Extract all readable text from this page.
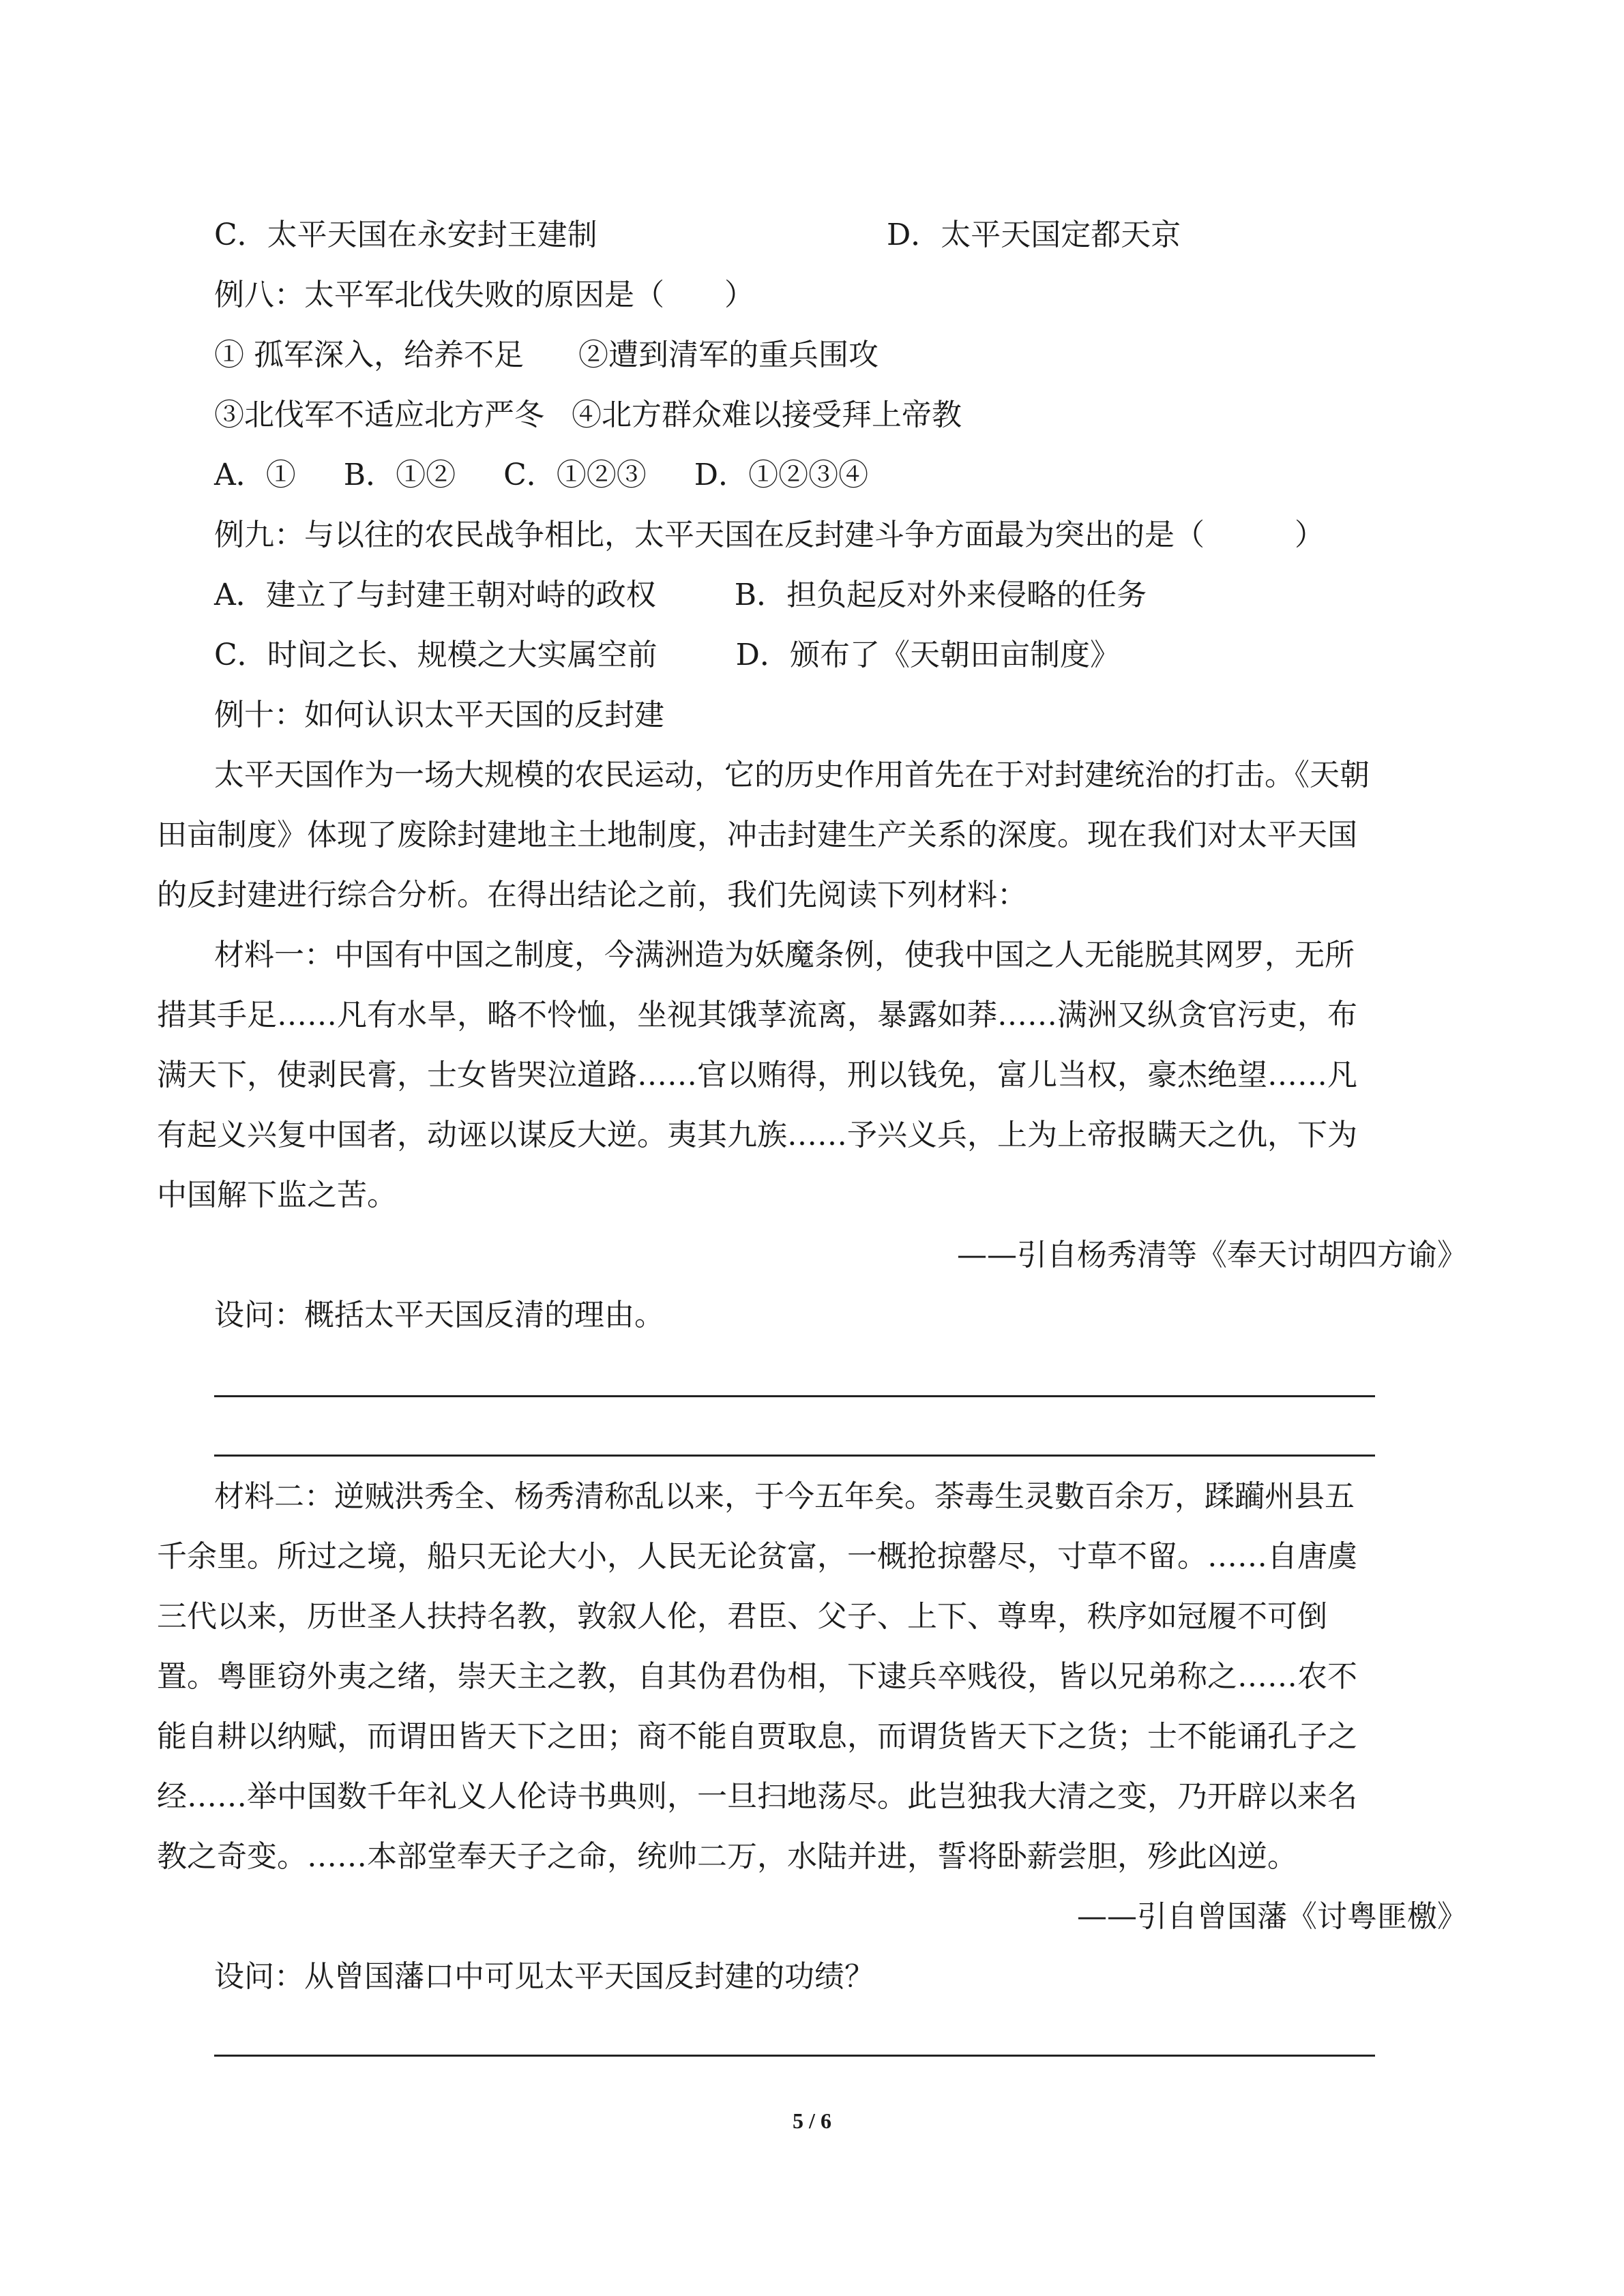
C．太平天国在永安封王建制	D．太平天国定都天京
例八：太平军北伐失败的原因是（　　）
① 孤军深入，给养不足 ②遭到清军的重兵围攻
③北伐军不适应北方严冬 ④北方群众难以接受拜上帝教
A．① B．①② C．①②③ D．①②③④
例九：与以往的农民战争相比，太平天国在反封建斗争方面最为突出的是（　　　）
A．建立了与封建王朝对峙的政权	B．担负起反对外来侵略的任务
C．时间之长、规模之大实属空前	D．颁布了《天朝田亩制度》
例十：如何认识太平天国的反封建
太平天国作为一场大规模的农民运动，它的历史作用首先在于对封建统治的打击。《天朝
田亩制度》体现了废除封建地主土地制度，冲击封建生产关系的深度。现在我们对太平天国
的反封建进行综合分析。在得出结论之前，我们先阅读下列材料：
材料一：中国有中国之制度，今满洲造为妖魔条例，使我中国之人无能脱其网罗，无所
措其手足……凡有水旱，略不怜恤，坐视其饿莩流离，暴露如莽……满洲又纵贪官污吏，布
满天下，使剥民膏，士女皆哭泣道路……官以贿得，刑以钱免，富儿当权，豪杰绝望……凡
有起义兴复中国者，动诬以谋反大逆。夷其九族……予兴义兵，上为上帝报瞒天之仇，下为
中国解下监之苦。
——引自杨秀清等《奉天讨胡四方谕》
设问：概括太平天国反清的理由。
材料二：逆贼洪秀全、杨秀清称乱以来，于今五年矣。荼毒生灵數百余万，蹂躏州县五
千余里。所过之境，船只无论大小，人民无论贫富，一概抢掠罄尽，寸草不留。……自唐虞
三代以来，历世圣人扶持名教，敦叙人伦，君臣、父子、上下、尊卑，秩序如冠履不可倒
置。粤匪窃外夷之绪，崇天主之教，自其伪君伪相，下逮兵卒贱役，皆以兄弟称之……农不
能自耕以纳赋，而谓田皆天下之田；商不能自贾取息，而谓货皆天下之货；士不能诵孔子之
经……举中国数千年礼义人伦诗书典则，一旦扫地荡尽。此岂独我大清之变，乃开辟以来名
教之奇变。……本部堂奉天子之命，统帅二万，水陆并进，誓将卧薪尝胆，殄此凶逆。
——引自曾国藩《讨粤匪檄》
设问：从曾国藩口中可见太平天国反封建的功绩？
5 / 6
